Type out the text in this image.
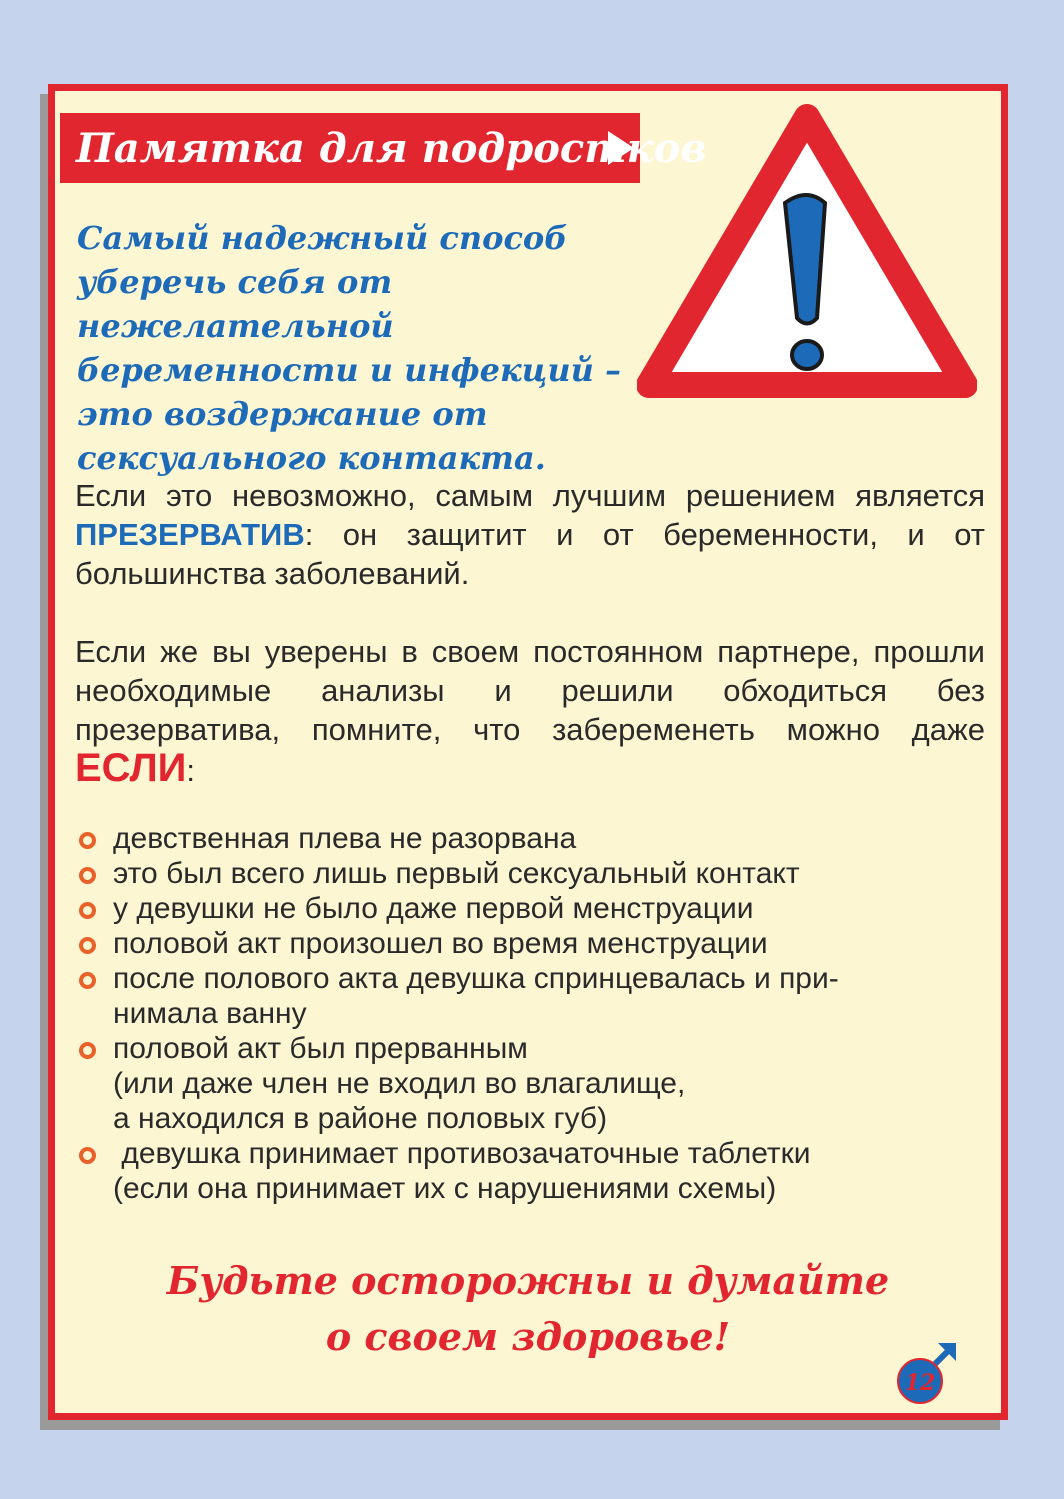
Памятка для подростков
Самый надежный способ
уберечь себя от нежелательной
беременности и инфекций –
это воздержание от
сексуального контакта.

Если это невозможно, самым лучшим решением является ПРЕЗЕРВАТИВ: он защитит и от беременности, и от большинства заболеваний.

Если же вы уверены в своем постоянном партнере, прошли необходимые анализы и решили обходиться без презерватива, помните, что забеременеть можно даже ЕСЛИ:

девственная плева не разорвана
это был всего лишь первый сексуальный контакт
у девушки не было даже первой менструации
половой акт произошел во время менструации
после полового акта девушка спринцевалась и при-
нимала ванну
половой акт был прерванным
(или даже член не входил во влагалище,
а находился в районе половых губ)
девушка принимает противозачаточные таблетки
(если она принимает их с нарушениями схемы)
Будьте осторожны и думайте
о своем здоровье!
12
